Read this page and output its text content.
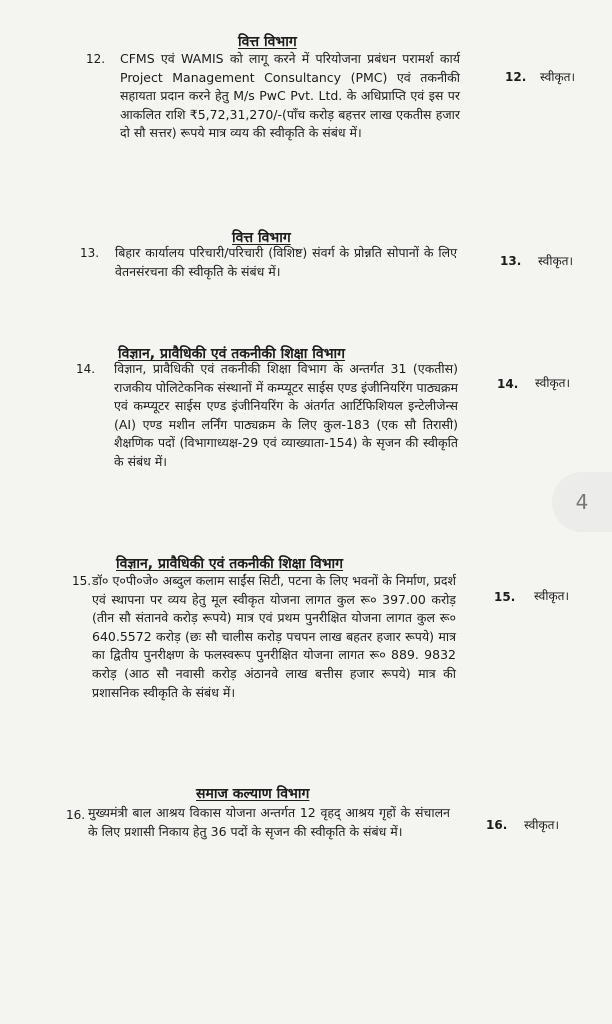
वित्त विभाग
12. CFMS एवं WAMIS को लागू करने में परियोजना प्रबंधन परामर्श कार्य Project Management Consultancy (PMC) एवं तकनीकी सहायता प्रदान करने हेतु M/s PwC Pvt. Ltd. के अधिप्राप्ति एवं इस पर आकलित राशि ₹5,72,31,270/-(पाँच करोड़ बहत्तर लाख एकतीस हजार दो सौ सत्तर) रूपये मात्र व्यय की स्वीकृति के संबंध में।

12. स्वीकृत।
वित्त विभाग
13. बिहार कार्यालय परिचारी/परिचारी (विशिष्ट) संवर्ग के प्रोन्नति सोपानों के लिए वेतनसंरचना की स्वीकृति के संबंध में।

13. स्वीकृत।
विज्ञान, प्रावैधिकी एवं तकनीकी शिक्षा विभाग
14. विज्ञान, प्रावैधिकी एवं तकनीकी शिक्षा विभाग के अन्तर्गत 31 (एकतीस) राजकीय पोलिटेकनिक संस्थानों में कम्प्यूटर साईस एण्ड इंजीनियरिंग पाठ्यक्रम एवं कम्प्यूटर साईस एण्ड इंजीनियरिंग के अंतर्गत आर्टिफिशियल इन्टेलीजेन्स (AI) एण्ड मशीन लर्निंग पाठ्यक्रम के लिए कुल-183 (एक सौ तिरासी) शैक्षणिक पदों (विभागाध्यक्ष-29 एवं व्याख्याता-154) के सृजन की स्वीकृति के संबंध में।

14. स्वीकृत।
विज्ञान, प्रावैधिकी एवं तकनीकी शिक्षा विभाग
15. डॉ० ए०पी०जे० अब्दुल कलाम साईंस सिटी, पटना के लिए भवनों के निर्माण, प्रदर्श एवं स्थापना पर व्यय हेतु मूल स्वीकृत योजना लागत कुल रू० 397.00 करोड़ (तीन सौ संतानवे करोड़ रूपये) मात्र एवं प्रथम पुनरीक्षित योजना लागत कुल रू० 640.5572 करोड़ (छः सौ चालीस करोड़ पचपन लाख बहतर हजार रूपये) मात्र का द्वितीय पुनरीक्षण के फलस्वरूप पुनरीक्षित योजना लागत रू० 889. 9832 करोड़ (आठ सौ नवासी करोड़ अंठानवे लाख बत्तीस हजार रूपये) मात्र की प्रशासनिक स्वीकृति के संबंध में।

15. स्वीकृत।
समाज कल्याण विभाग
16. मुख्यमंत्री बाल आश्रय विकास योजना अन्तर्गत 12 वृहद् आश्रय गृहों के संचालन के लिए प्रशासी निकाय हेतु 36 पदों के सृजन की स्वीकृति के संबंध में।	16. स्वीकृत।
4
